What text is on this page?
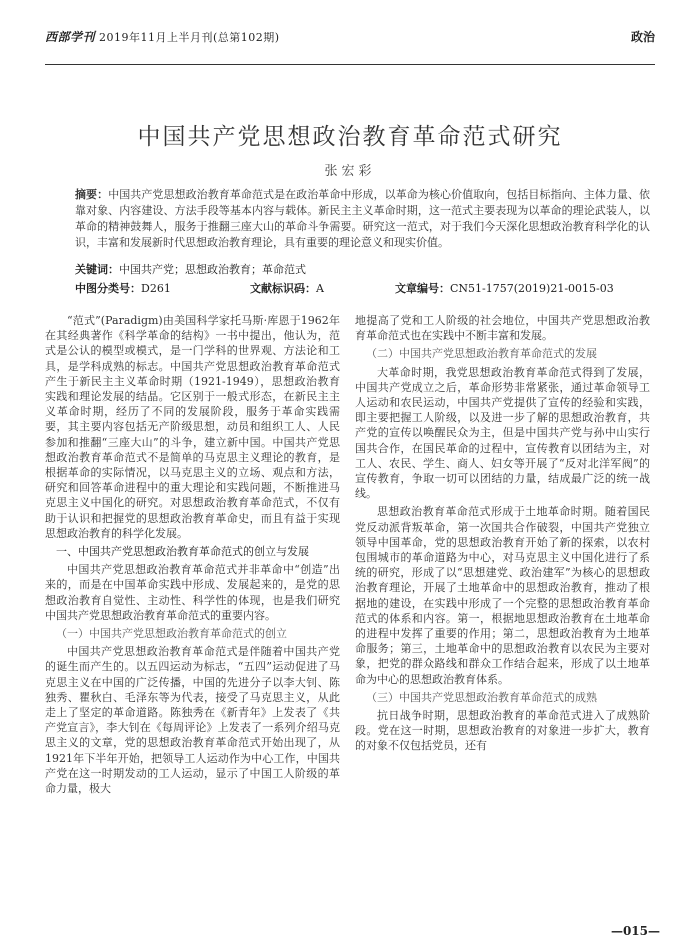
西部学刊 2019年11月上半月刊(总第102期)	政治
中国共产党思想政治教育革命范式研究
张宏彩
摘要：中国共产党思想政治教育革命范式是在政治革命中形成，以革命为核心价值取向，包括目标指向、主体力量、依靠对象、内容建设、方法手段等基本内容与载体。新民主主义革命时期，这一范式主要表现为以革命的理论武装人，以革命的精神鼓舞人，服务于推翻三座大山的革命斗争需要。研究这一范式，对于我们今天深化思想政治教育科学化的认识，丰富和发展新时代思想政治教育理论，具有重要的理论意义和现实价值。
关键词：中国共产党；思想政治教育；革命范式
中图分类号：D261	文献标识码：A	文章编号：CN51-1757(2019)21-0015-03

“范式”(Paradigm)由美国科学家托马斯·库恩于1962年在其经典著作《科学革命的结构》一书中提出，他认为，范式是公认的模型或模式，是一门学科的世界观、方法论和工具，是学科成熟的标志。中国共产党思想政治教育革命范式产生于新民主主义革命时期（1921-1949），思想政治教育实践和理论发展的结晶。它区别于一般式形态，在新民主主义革命时期，经历了不同的发展阶段，服务于革命实践需要，其主要内容包括无产阶级思想，动员和组织工人、人民参加和推翻“三座大山”的斗争，建立新中国。中国共产党思想政治教育革命范式不是简单的马克思主义理论的教育，是根据革命的实际情况，以马克思主义的立场、观点和方法，研究和回答革命进程中的重大理论和实践问题，不断推进马克思主义中国化的研究。对思想政治教育革命范式，不仅有助于认识和把握党的思想政治教育革命史，而且有益于实现思想政治教育的科学化发展。

一、中国共产党思想政治教育革命范式的创立与发展

中国共产党思想政治教育革命范式并非革命中“创造”出来的，而是在中国革命实践中形成、发展起来的，是党的思想政治教育自觉性、主动性、科学性的体现，也是我们研究中国共产党思想政治教育革命范式的重要内容。

（一）中国共产党思想政治教育革命范式的创立

中国共产党思想政治教育革命范式是伴随着中国共产党的诞生而产生的。以五四运动为标志，“五四”运动促进了马克思主义在中国的广泛传播，中国的先进分子以李大钊、陈独秀、瞿秋白、毛泽东等为代表，接受了马克思主义，从此走上了坚定的革命道路。陈独秀在《新青年》上发表了《共产党宣言》，李大钊在《每周评论》上发表了一系列介绍马克思主义的文章，党的思想政治教育革命范式开始出现了，从1921年下半年开始，把领导工人运动作为中心工作，中国共产党在这一时期发动的工人运动，显示了中国工人阶级的革命力量，极大

地提高了党和工人阶级的社会地位，中国共产党思想政治教育革命范式也在实践中不断丰富和发展。

（二）中国共产党思想政治教育革命范式的发展

大革命时期，我党思想政治教育革命范式得到了发展，中国共产党成立之后，革命形势非常紧张，通过革命领导工人运动和农民运动，中国共产党提供了宣传的经验和实践，即主要把握工人阶级，以及进一步了解的思想政治教育，共产党的宣传以唤醒民众为主，但是中国共产党与孙中山实行国共合作，在国民革命的过程中，宣传教育以团结为主，对工人、农民、学生、商人、妇女等开展了“反对北洋军阀”的宣传教育，争取一切可以团结的力量，结成最广泛的统一战线。

思想政治教育革命范式形成于土地革命时期。随着国民党反动派背叛革命，第一次国共合作破裂，中国共产党独立领导中国革命，党的思想政治教育开始了新的探索，以农村包围城市的革命道路为中心，对马克思主义中国化进行了系统的研究，形成了以“思想建党、政治建军”为核心的思想政治教育理论，开展了土地革命中的思想政治教育，推动了根据地的建设，在实践中形成了一个完整的思想政治教育革命范式的体系和内容。第一，根据地思想政治教育在土地革命的进程中发挥了重要的作用；第二，思想政治教育为土地革命服务；第三，土地革命中的思想政治教育以农民为主要对象，把党的群众路线和群众工作结合起来，形成了以土地革命为中心的思想政治教育体系。

（三）中国共产党思想政治教育革命范式的成熟

抗日战争时期，思想政治教育的革命范式进入了成熟阶段。党在这一时期，思想政治教育的对象进一步扩大，教育的对象不仅包括党员，还有

—015—
